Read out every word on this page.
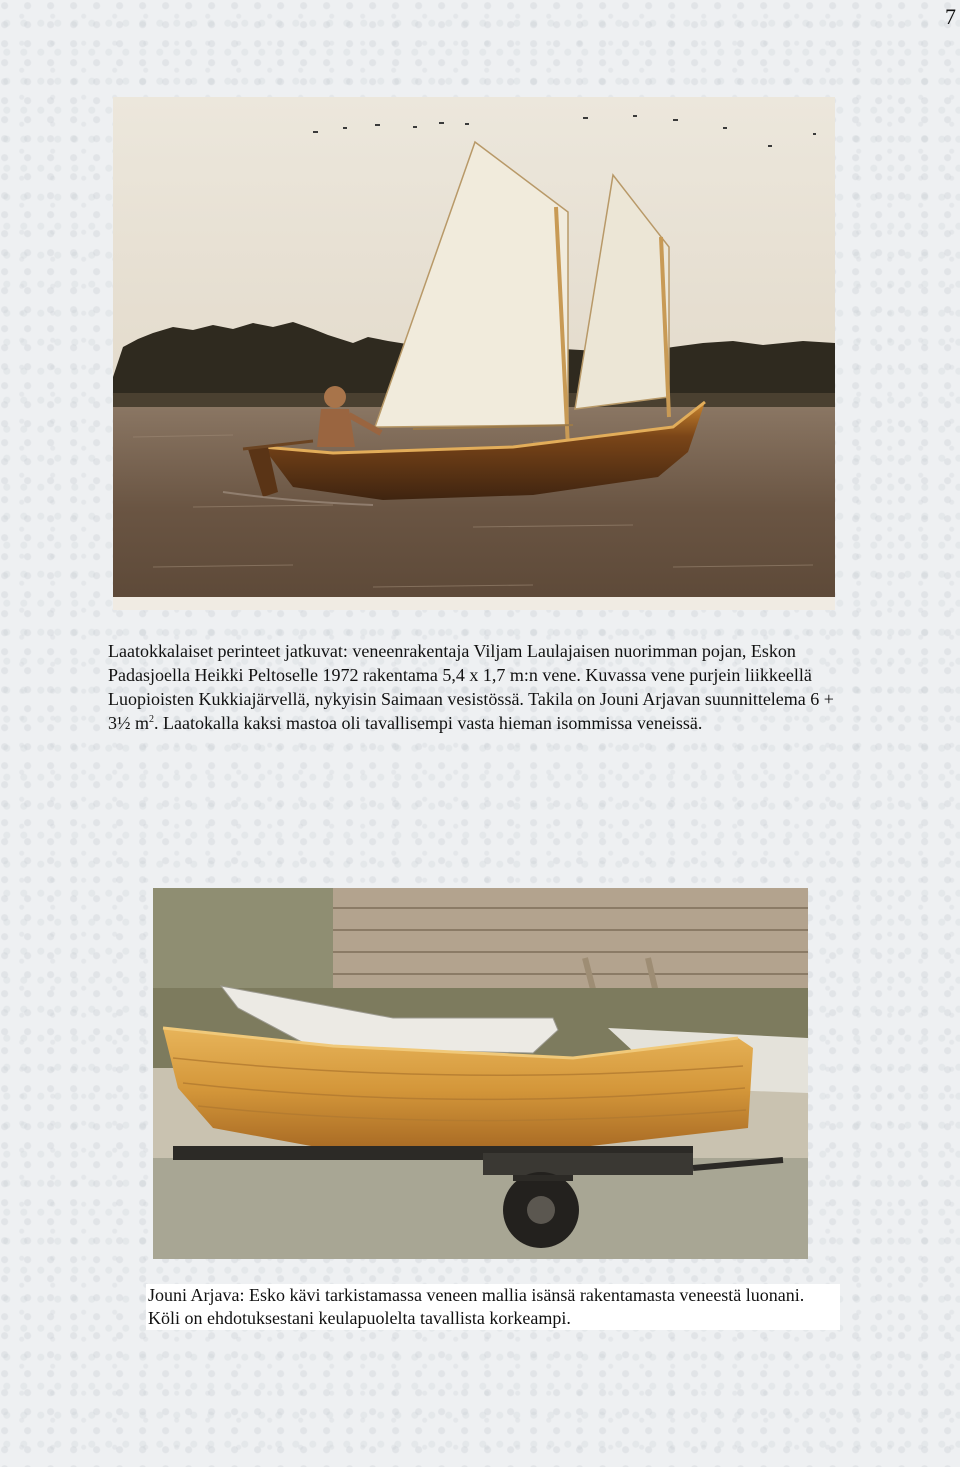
7
Laatokkalaiset perinteet jatkuvat: veneenrakentaja Viljam Laulajaisen nuorimman pojan, Eskon Padasjoella Heikki Peltoselle 1972 rakentama 5,4 x 1,7 m:n vene. Kuvassa vene purjein liikkeellä Luopioisten Kukkiajärvellä, nykyisin Saimaan vesistössä. Takila on Jouni Arjavan suunnittelema 6 + 3½ $m^2$. Laatokalla kaksi mastoa oli tavallisempi vasta hieman isommissa veneissä.
Jouni Arjava: Esko kävi tarkistamassa veneen mallia isänsä rakentamasta veneestä luonani. Köli on ehdotuksestani keulapuolelta tavallista korkeampi.
